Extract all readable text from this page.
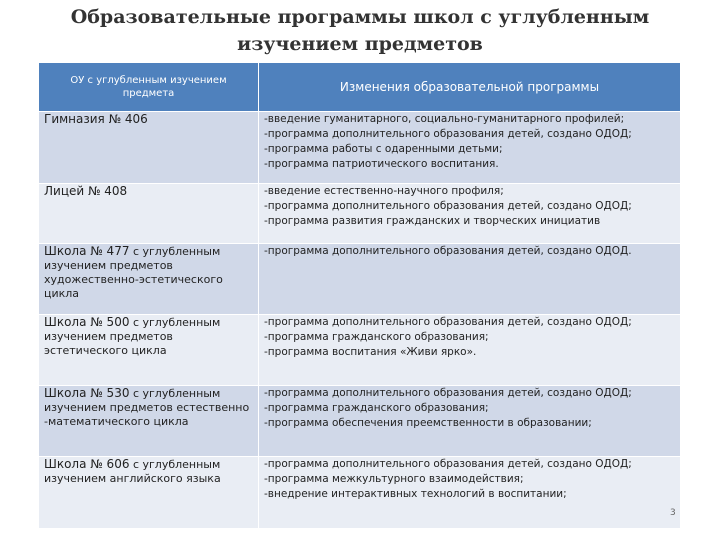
Образовательные программы школ с углубленным
изучением предметов
ОУ с углубленным изучением
предмета	Изменения образовательной программы
Гимназия № 406	-введение гуманитарного, социально-гуманитарного профилей;
-программа дополнительного образования детей, создано ОДОД;
-программа работы с одаренными детьми;
-программа патриотического воспитания.

Лицей № 408	-введение естественно-научного профиля;
-программа дополнительного образования детей, создано ОДОД;
-программа развития гражданских и творческих инициатив

Школа № 477 с углубленным изучением предметов художественно-эстетического цикла	-программа дополнительного образования детей, создано ОДОД.

Школа № 500 с углубленным изучением предметов эстетического цикла	-программа дополнительного образования детей, создано ОДОД;
-программа гражданского образования;
-программа воспитания «Живи ярко».

Школа № 530 с углубленным изучением предметов естественно -математического цикла	-программа дополнительного образования детей, создано ОДОД;
-программа гражданского образования;
-программа обеспечения преемственности в образовании;

Школа № 606 с углубленным изучением английского языка	-программа дополнительного образования детей, создано ОДОД;
-программа межкультурного взаимодействия;
-внедрение интерактивных технологий в воспитании;
3
